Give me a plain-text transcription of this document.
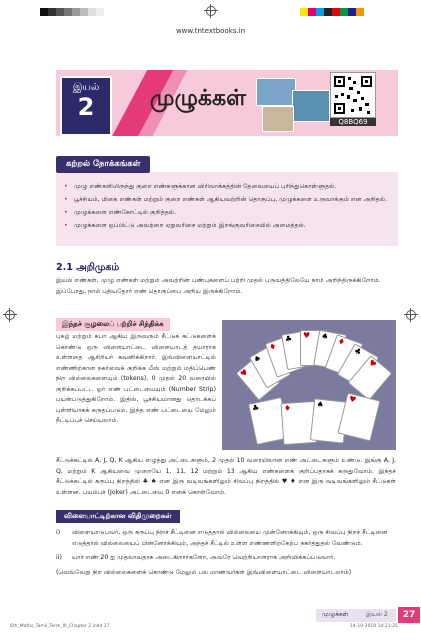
www.tntextbooks.in
இயல்
2	முழுக்கள்
Q8BQ69
கற்றல் நோக்கங்கள்
• முழு எண்களிலிருந்து குறை எண்களுக்கான விரிவாக்கத்தின் தேவையைப் புரிந்துகொள்ளுதல்.
• பூச்சியம், மிகை எண்கள் மற்றும் குறை எண்கள் ஆகியவற்றின் தொகுப்பு, முழுக்களை உருவாக்கும் என அறிதல்.
• முழுக்களை எண்கோட்டில் குறித்தல்.
• முழுக்களை ஒப்பிட்டு அவற்றை ஏறுவரிசை மற்றும் இறங்குவரிசையில் அமைத்தல்.
2.1 அறிமுகம்
இயல் எண்கள், முழு எண்கள் மற்றும் அவற்றின் பண்புகளைப் பற்றி முதல் பருவத்திலேயே நாம் அறிந்திருக்கிறோம். இப்போது, நாம் புதியதோர் எண் தொகுப்பை அறிய இருக்கிறோம்.
இந்தச் சூழலைப் பற்றிச் சிந்திக்க
புகழ் மற்றும் சுபா ஆகிய இருவரும் சீட்டுக் கட்டுகளைக் கொண்டு ஒரு விளையாட்டை விளையாடத் தயாராக உள்ளதை ஆசிரியர் கவனிக்கிறார். இவ்விளையாட்டில் எண்ணிற்கான நகர்வைக் குறிக்க பீஸ் மற்றும் மதிப்பெண் நிற வில்லைகளையும் (tokens), 0 முதல் 20 வரையில் குறிக்கப்பட்ட ஓர் எண் பட்டையையும் (Number Strip) பயன்படுத்துகிறோம். இதில், பூச்சியமானது தொடக்கப் புள்ளியாகக் கருதப்படும். இந்த எண் பட்டையை மேலும் நீட்டிப்புச் செய்யலாம்.
♥
♠
♦
♣	♥	♠ ♦
♣
♥
♣	♦	♠	♥
சீட்டுக்கட்டில் A, J, Q, K ஆகிய எழுத்து அட்டைகளும், 2 முதல் 10 வரையிலான எண் அட்டைகளும் உண்டு. இங்கு A, J, Q, மற்றும் K ஆகியவை முறையே 1, 11, 12 மற்றும் 13 ஆகிய எண்களைக் குறிப்பதாகக் கருதுவோம். இந்தச் சீட்டுக்கட்டில் கருப்பு நிறத்தில் ♣ ♠ என இரு வடிவங்களிலும் சிவப்பு நிறத்தில் ♥ ♦ என இரு வடிவங்களிலும் சீட்டுகள் உள்ளன. பயம்புச் (Joker) அட்டையை 0 எனக் கொள்வோம்.
விளையாட்டிற்கான விதிமுறைகள்
i)	விளையாடுபவர், ஒரு கருப்பு நிறச் சீட்டினை எடுத்தால் வில்லையை முன்னோக்கியும், ஒரு சிவப்பு நிறச் சீட்டினை எடுத்தால் வில்லையைப் பின்னோக்கியும், அந்தச் சீட்டில் உள்ள எண்ணளிற்கேற்ப நகர்த்துதல் வேண்டும்.
ii)	யார் எண் 20 ஐ முதலாவதாக அடைகிறார்களோ, அவரே வெற்றியாளராக அறிவிக்கப்படுவார்.
(வெவ்வேறு நிற வில்லைகளைக் கொண்டு மேலும் பல மாணவர்கள் இவ்விளையாட்டை விளையாடலாம்)
முழுக்கள்	இயல் 2	27
6th_Maths_Tamil_Term_III_Chapter 2.indd 27	14-10-2019 14:21:25
